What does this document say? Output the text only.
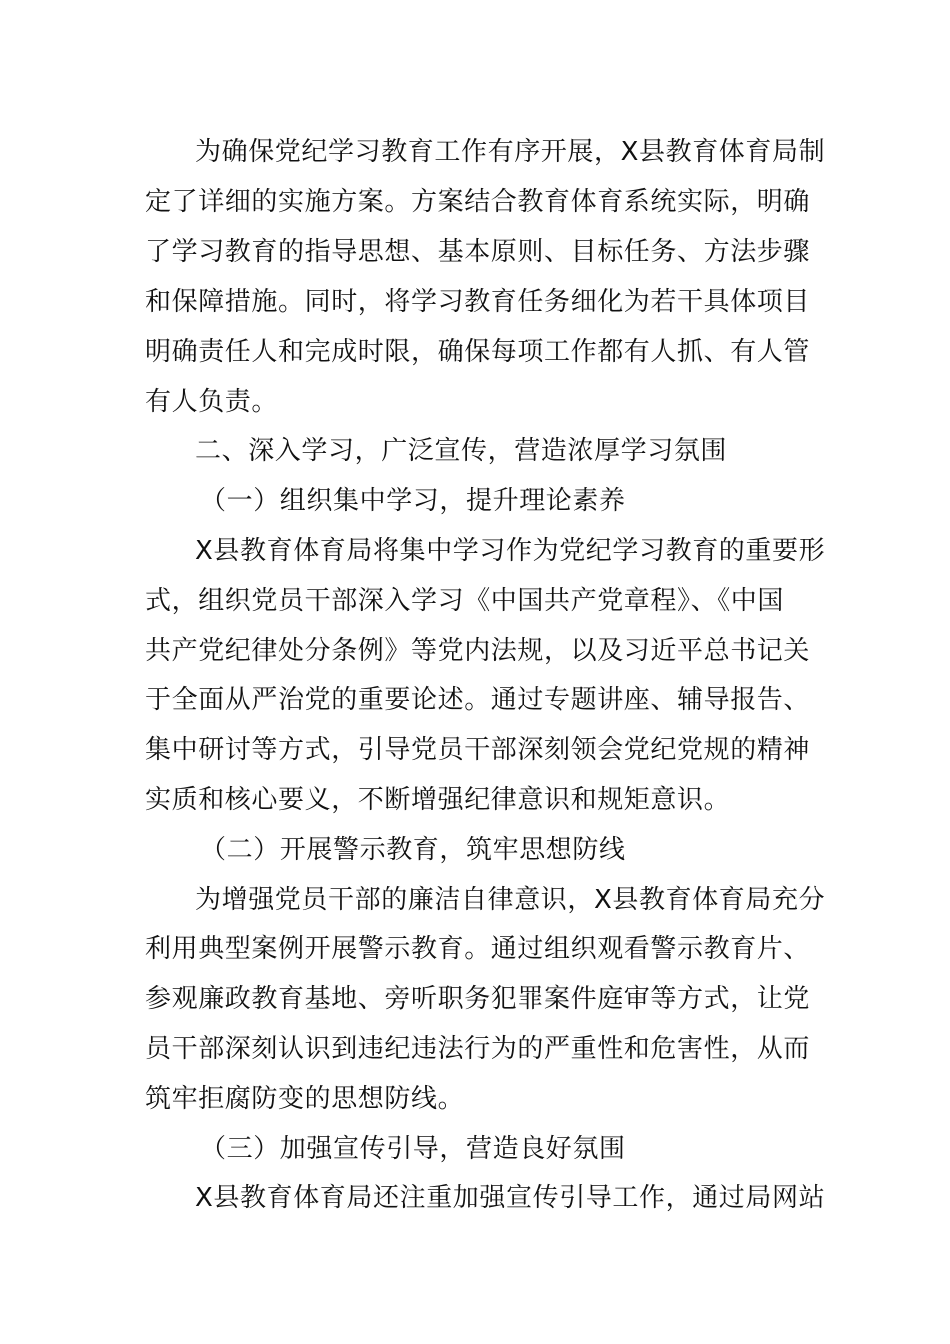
为确保党纪学习教育工作有序开展，X县教育体育局制
定了详细的实施方案。方案结合教育体育系统实际，明确
了学习教育的指导思想、基本原则、目标任务、方法步骤
和保障措施。同时，将学习教育任务细化为若干具体项目
明确责任人和完成时限，确保每项工作都有人抓、有人管
有人负责。
二、深入学习，广泛宣传，营造浓厚学习氛围
（一）组织集中学习，提升理论素养
X县教育体育局将集中学习作为党纪学习教育的重要形
式，组织党员干部深入学习《中国共产党章程》、《中国
共产党纪律处分条例》等党内法规，以及习近平总书记关
于全面从严治党的重要论述。通过专题讲座、辅导报告、
集中研讨等方式，引导党员干部深刻领会党纪党规的精神
实质和核心要义，不断增强纪律意识和规矩意识。
（二）开展警示教育，筑牢思想防线
为增强党员干部的廉洁自律意识，X县教育体育局充分
利用典型案例开展警示教育。通过组织观看警示教育片、
参观廉政教育基地、旁听职务犯罪案件庭审等方式，让党
员干部深刻认识到违纪违法行为的严重性和危害性，从而
筑牢拒腐防变的思想防线。
（三）加强宣传引导，营造良好氛围
X县教育体育局还注重加强宣传引导工作，通过局网站
